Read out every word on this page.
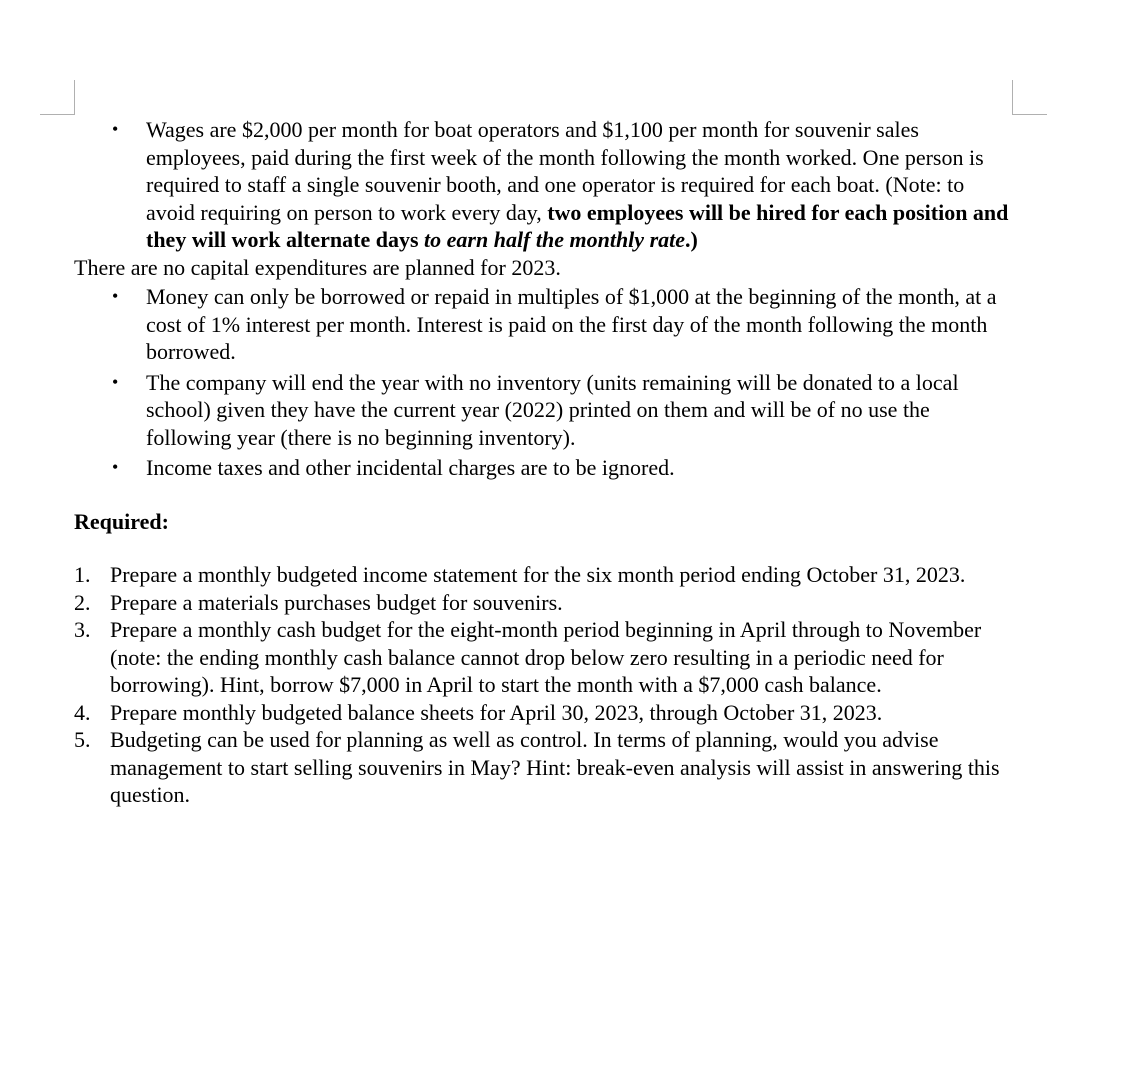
• Wages are $2,000 per month for boat operators and $1,100 per month for souvenir sales employees, paid during the first week of the month following the month worked. One person is required to staff a single souvenir booth, and one operator is required for each boat. (Note: to avoid requiring on person to work every day, two employees will be hired for each position and they will work alternate days to earn half the monthly rate.)

There are no capital expenditures are planned for 2023.

• Money can only be borrowed or repaid in multiples of $1,000 at the beginning of the month, at a cost of 1% interest per month. Interest is paid on the first day of the month following the month borrowed.
• The company will end the year with no inventory (units remaining will be donated to a local school) given they have the current year (2022) printed on them and will be of no use the following year (there is no beginning inventory).
• Income taxes and other incidental charges are to be ignored.

Required:

1. Prepare a monthly budgeted income statement for the six month period ending October 31, 2023.
2. Prepare a materials purchases budget for souvenirs.
3. Prepare a monthly cash budget for the eight-month period beginning in April through to November (note: the ending monthly cash balance cannot drop below zero resulting in a periodic need for borrowing). Hint, borrow $7,000 in April to start the month with a $7,000 cash balance.
4. Prepare monthly budgeted balance sheets for April 30, 2023, through October 31, 2023.
5. Budgeting can be used for planning as well as control. In terms of planning, would you advise management to start selling souvenirs in May? Hint: break-even analysis will assist in answering this question.
